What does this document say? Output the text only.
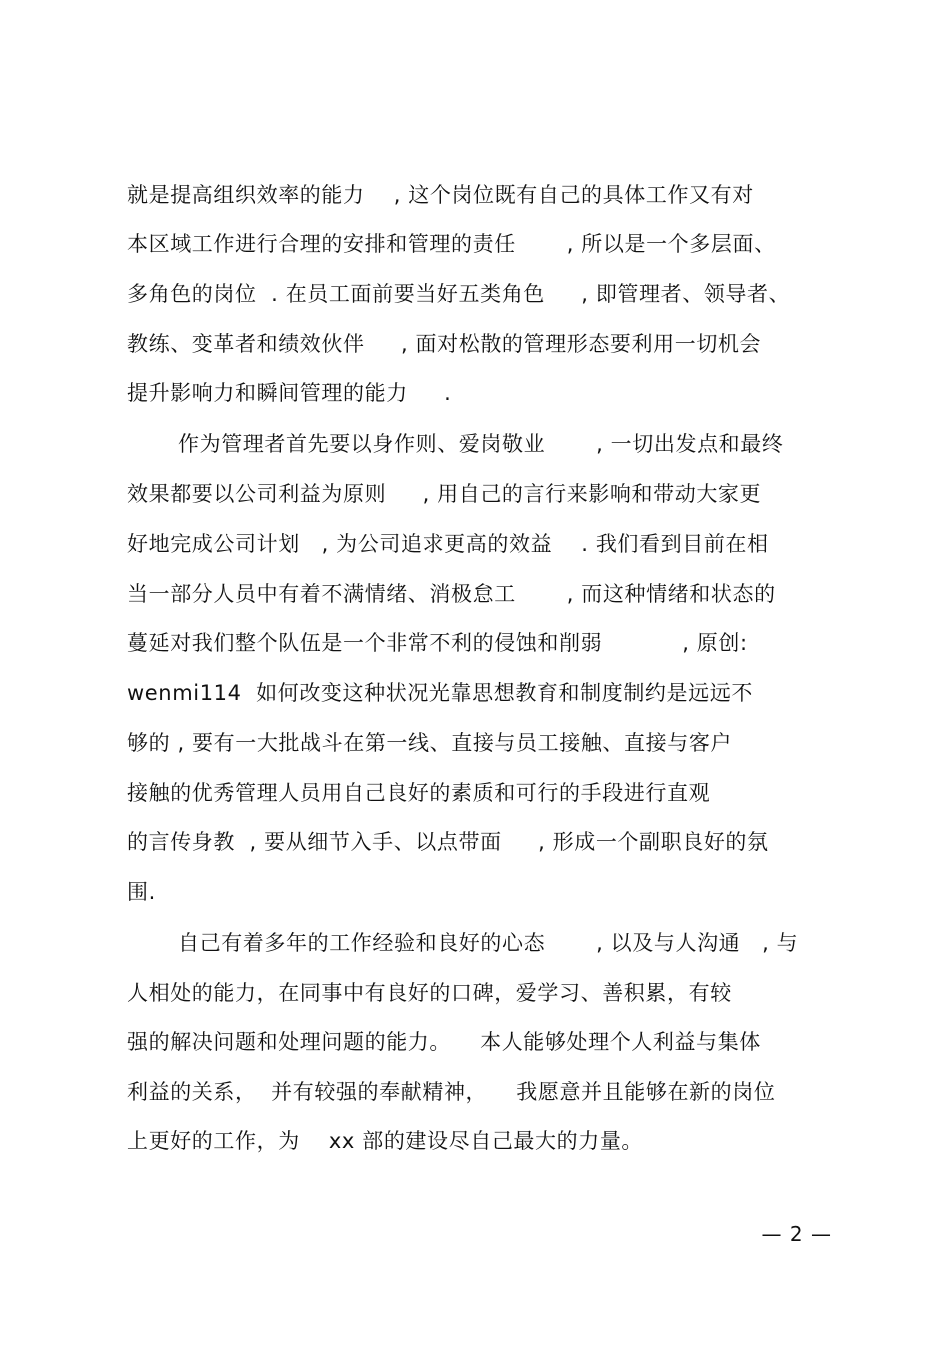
就是提高组织效率的能力    , 这个岗位既有自己的具体工作又有对
本区域工作进行合理的安排和管理的责任       , 所以是一个多层面、
多角色的岗位  . 在员工面前要当好五类角色     , 即管理者、领导者、
教练、变革者和绩效伙伴     , 面对松散的管理形态要利用一切机会
提升影响力和瞬间管理的能力     .
作为管理者首先要以身作则、爱岗敬业       , 一切出发点和最终
效果都要以公司利益为原则     , 用自己的言行来影响和带动大家更
好地完成公司计划   , 为公司追求更高的效益    . 我们看到目前在相
当一部分人员中有着不满情绪、消极怠工       , 而这种情绪和状态的
蔓延对我们整个队伍是一个非常不利的侵蚀和削弱           , 原创:
wenmi114  如何改变这种状况光靠思想教育和制度制约是远远不
够的 , 要有一大批战斗在第一线、直接与员工接触、直接与客户
接触的优秀管理人员用自己良好的素质和可行的手段进行直观
的言传身教  , 要从细节入手、以点带面     , 形成一个副职良好的氛
围.
自己有着多年的工作经验和良好的心态       , 以及与人沟通   , 与
人相处的能力，在同事中有良好的口碑，爱学习、善积累，有较
强的解决问题和处理问题的能力。    本人能够处理个人利益与集体
利益的关系，  并有较强的奉献精神，    我愿意并且能够在新的岗位
上更好的工作，为    xx 部的建设尽自己最大的力量。
— 2 —
